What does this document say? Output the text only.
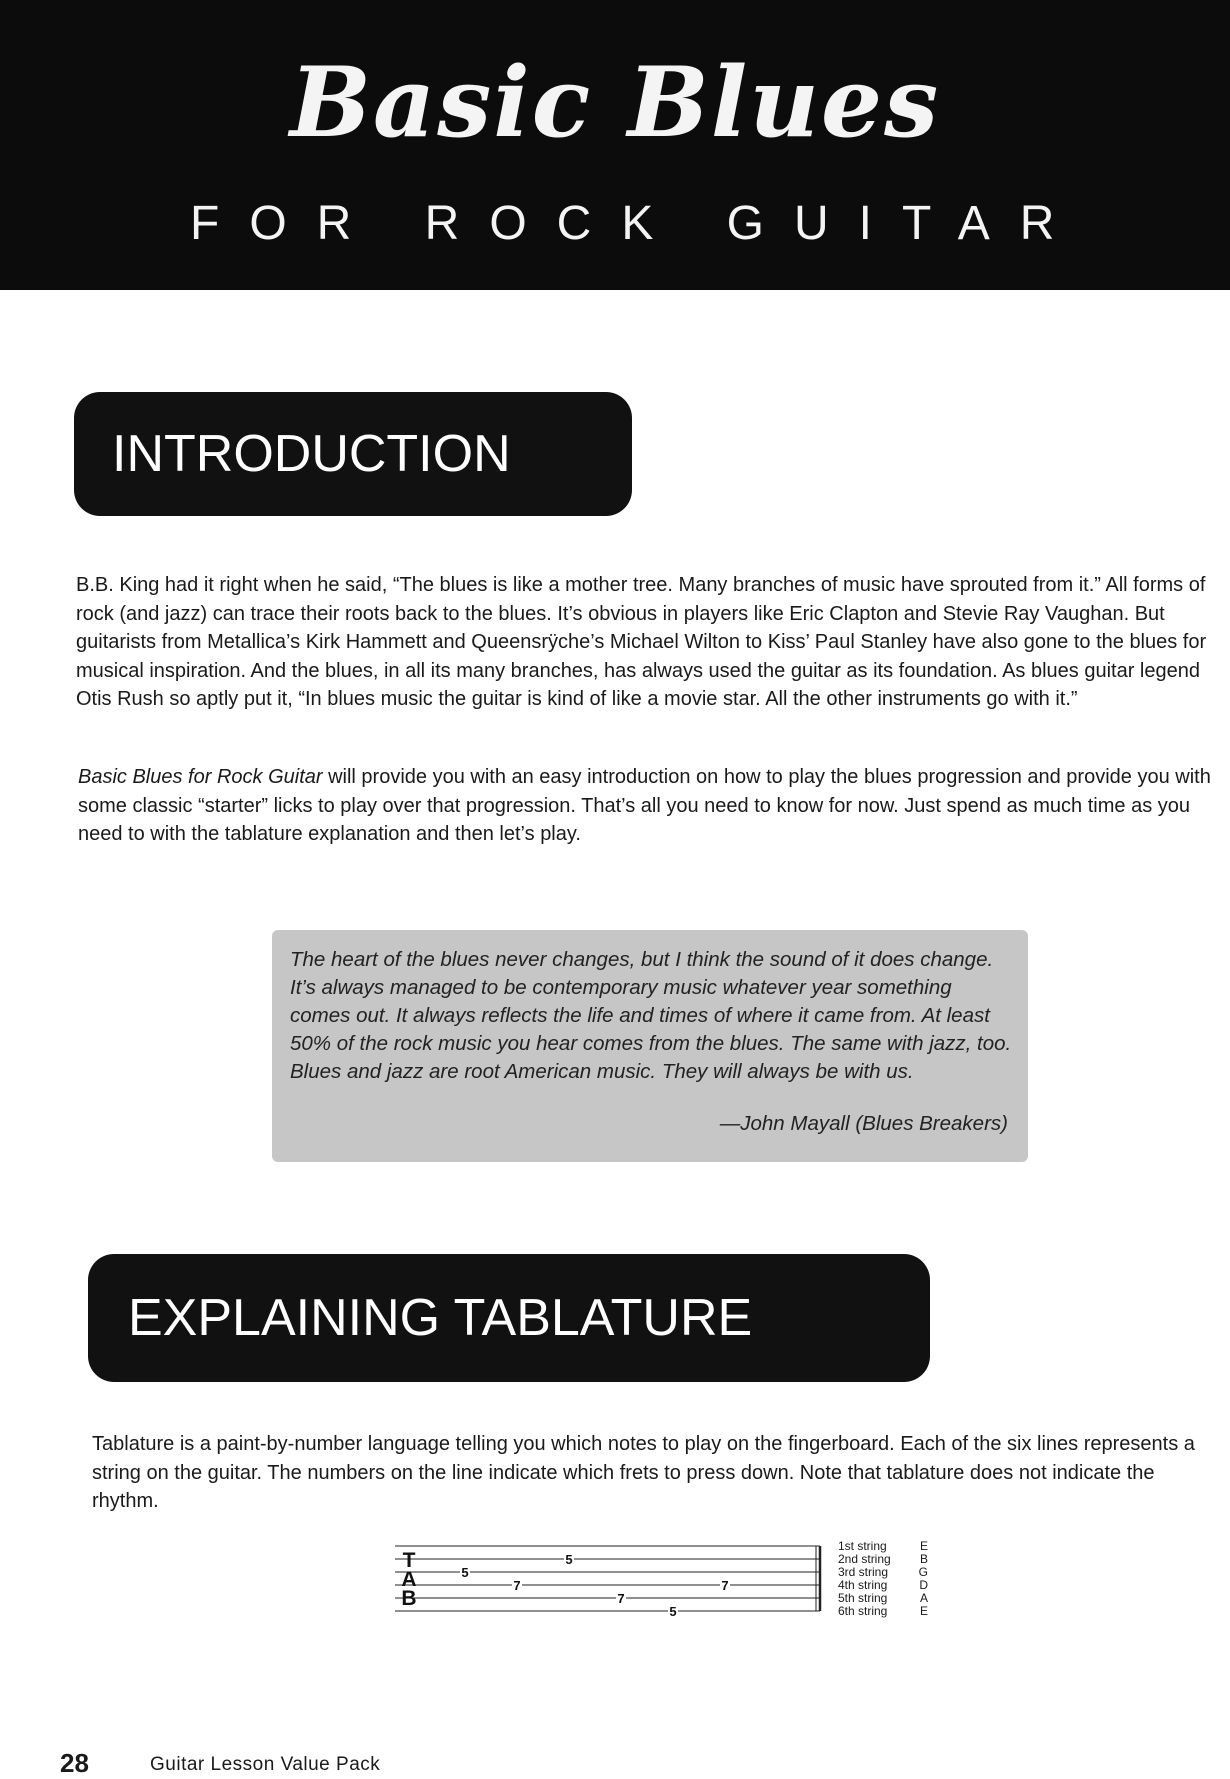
Basic Blues
FOR ROCK GUITAR
INTRODUCTION
B.B. King had it right when he said, “The blues is like a mother tree. Many branches of music have sprouted from it.” All forms of rock (and jazz) can trace their roots back to the blues. It’s obvious in players like Eric Clapton and Stevie Ray Vaughan. But guitarists from Metallica’s Kirk Hammett and Queensrÿche’s Michael Wilton to Kiss’ Paul Stanley have also gone to the blues for musical inspiration. And the blues, in all its many branches, has always used the guitar as its foundation. As blues guitar legend Otis Rush so aptly put it, “In blues music the guitar is kind of like a movie star. All the other instruments go with it.”
Basic Blues for Rock Guitar will provide you with an easy introduction on how to play the blues progression and provide you with some classic “starter” licks to play over that progression. That’s all you need to know for now. Just spend as much time as you need to with the tablature explanation and then let’s play.
The heart of the blues never changes, but I think the sound of it does change. It’s always managed to be contemporary music whatever year something comes out. It always reflects the life and times of where it came from. At least 50% of the rock music you hear comes from the blues. The same with jazz, too. Blues and jazz are root American music. They will always be with us.
—John Mayall (Blues Breakers)
EXPLAINING TABLATURE
Tablature is a paint-by-number language telling you which notes to play on the fingerboard. Each of the six lines represents a string on the guitar. The numbers on the line indicate which frets to press down. Note that tablature does not indicate the rhythm.
T
A
B
5
7
5
7
5
7
1st string	E
2nd string B
3rd string	G
4th string	D
5th string	A
6th string	E
28	Guitar Lesson Value Pack
